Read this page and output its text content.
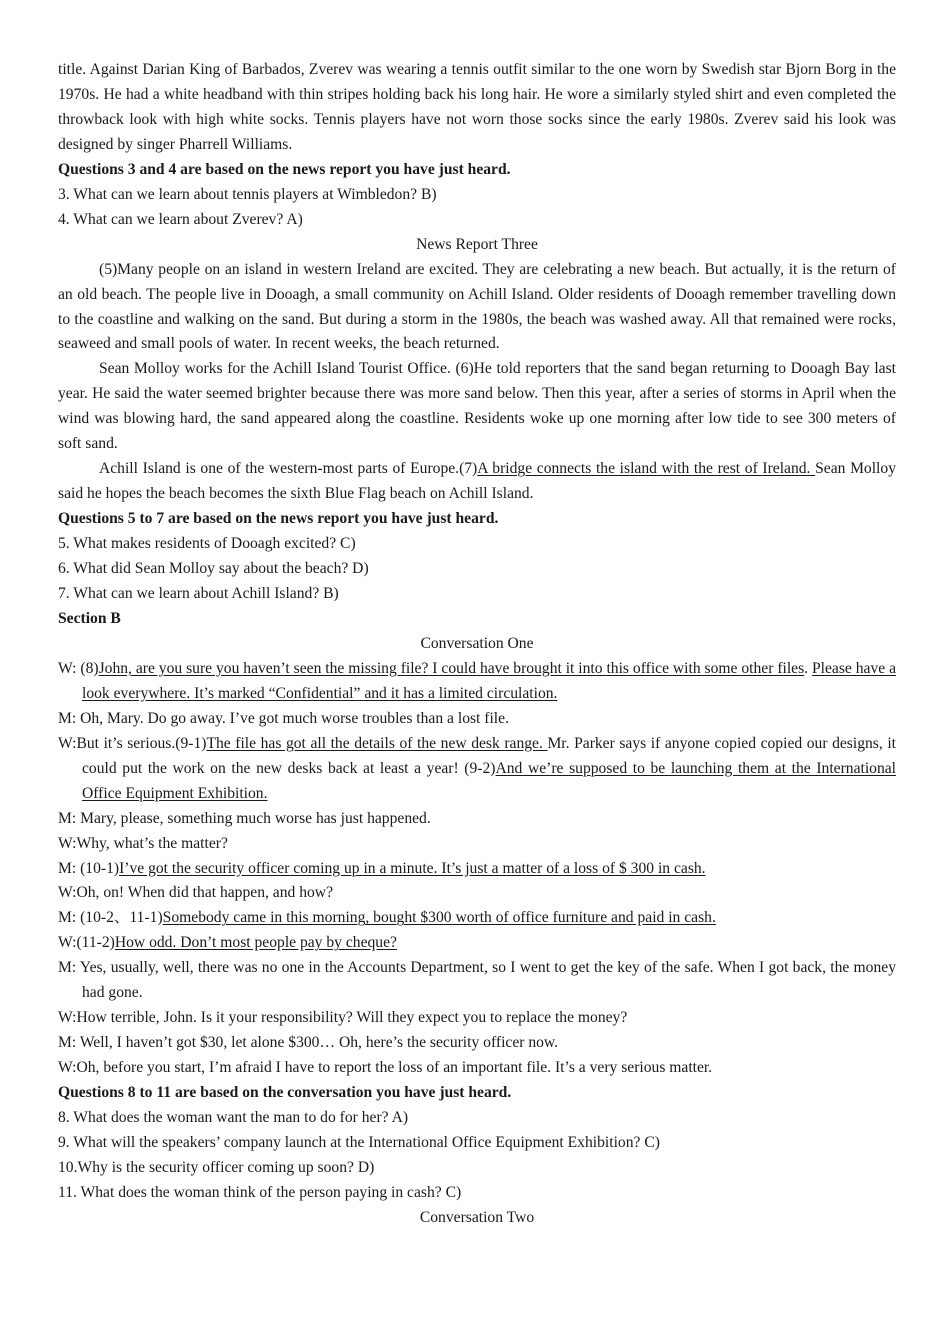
title. Against Darian King of Barbados, Zverev was wearing a tennis outfit similar to the one worn by Swedish star Bjorn Borg in the 1970s. He had a white headband with thin stripes holding back his long hair. He wore a similarly styled shirt and even completed the throwback look with high white socks. Tennis players have not worn those socks since the early 1980s. Zverev said his look was designed by singer Pharrell Williams.

Questions 3 and 4 are based on the news report you have just heard.

3. What can we learn about tennis players at Wimbledon? B)

4. What can we learn about Zverev? A)

News Report Three

(5)Many people on an island in western Ireland are excited. They are celebrating a new beach. But actually, it is the return of an old beach. The people live in Dooagh, a small community on Achill Island. Older residents of Dooagh remember travelling down to the coastline and walking on the sand. But during a storm in the 1980s, the beach was washed away. All that remained were rocks, seaweed and small pools of water. In recent weeks, the beach returned.

Sean Molloy works for the Achill Island Tourist Office. (6)He told reporters that the sand began returning to Dooagh Bay last year. He said the water seemed brighter because there was more sand below. Then this year, after a series of storms in April when the wind was blowing hard, the sand appeared along the coastline. Residents woke up one morning after low tide to see 300 meters of soft sand.

Achill Island is one of the western-most parts of Europe.(7)A bridge connects the island with the rest of Ireland. Sean Molloy said he hopes the beach becomes the sixth Blue Flag beach on Achill Island.

Questions 5 to 7 are based on the news report you have just heard.

5. What makes residents of Dooagh excited? C)

6. What did Sean Molloy say about the beach? D)

7. What can we learn about Achill Island? B)

Section B

Conversation One

W: (8)John, are you sure you haven’t seen the missing file? I could have brought it into this office with some other files. Please have a look everywhere. It’s marked “Confidential” and it has a limited circulation.

M: Oh, Mary. Do go away. I’ve got much worse troubles than a lost file.

W:But it’s serious.(9-1)The file has got all the details of the new desk range. Mr. Parker says if anyone copied copied our designs, it could put the work on the new desks back at least a year! (9-2)And we’re supposed to be launching them at the International Office Equipment Exhibition.

M: Mary, please, something much worse has just happened.

W:Why, what’s the matter?

M: (10-1)I’ve got the security officer coming up in a minute. It’s just a matter of a loss of $ 300 in cash.

W:Oh, on! When did that happen, and how?

M: (10-2、11-1)Somebody came in this morning, bought $300 worth of office furniture and paid in cash.

W:(11-2)How odd. Don’t most people pay by cheque?

M: Yes, usually, well, there was no one in the Accounts Department, so I went to get the key of the safe. When I got back, the money had gone.

W:How terrible, John. Is it your responsibility? Will they expect you to replace the money?

M: Well, I haven’t got $30, let alone $300… Oh, here’s the security officer now.

W:Oh, before you start, I’m afraid I have to report the loss of an important file. It’s a very serious matter.

Questions 8 to 11 are based on the conversation you have just heard.

8. What does the woman want the man to do for her? A)

9. What will the speakers’ company launch at the International Office Equipment Exhibition? C)

10.Why is the security officer coming up soon? D)

11. What does the woman think of the person paying in cash? C)

Conversation Two
